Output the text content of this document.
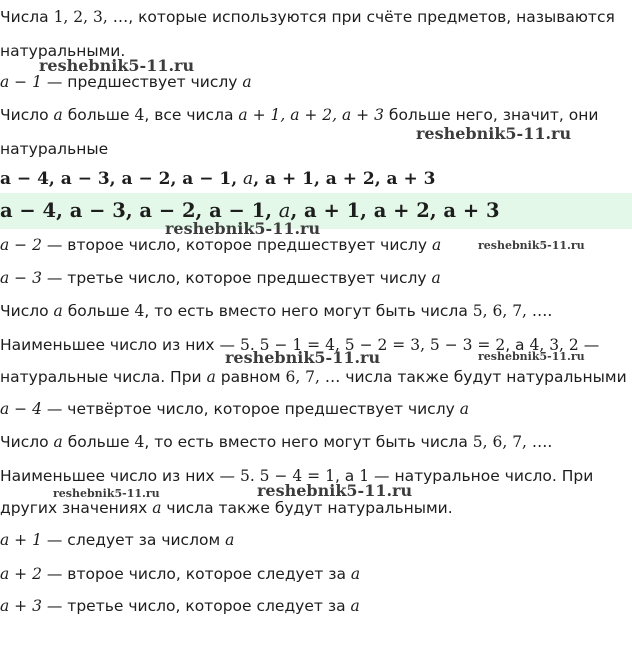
Числа 1, 2, 3, …, которые используются при счёте предметов, называются
натуральными.
a − 1 — предшествует числу a
Число a больше 4, все числа a + 1, a + 2, a + 3 больше него, значит, они
натуральные
a − 4, a − 3, a − 2, a − 1, a, a + 1, a + 2, a + 3
a − 4, a − 3, a − 2, a − 1, a, a + 1, a + 2, a + 3
a − 2 — второе число, которое предшествует числу a
a − 3 — третье число, которое предшествует числу a
Число a больше 4, то есть вместо него могут быть числа 5, 6, 7, ….
Наименьшее число из них — 5. 5 − 1 = 4, 5 − 2 = 3, 5 − 3 = 2, а 4, 3, 2 —
натуральные числа. При a равном 6, 7, … числа также будут натуральными
a − 4 — четвёртое число, которое предшествует числу a
Число a больше 4, то есть вместо него могут быть числа 5, 6, 7, ….
Наименьшее число из них — 5. 5 − 4 = 1, а 1 — натуральное число. При
других значениях a числа также будут натуральными.
a + 1 — следует за числом a
a + 2 — второе число, которое следует за a
a + 3 — третье число, которое следует за a
reshebnik5-11.ru
reshebnik5-11.ru
reshebnik5-11.ru
reshebnik5-11.ru
reshebnik5-11.ru	reshebnik5-11.ru
reshebnik5-11.ru
reshebnik5-11.ru
